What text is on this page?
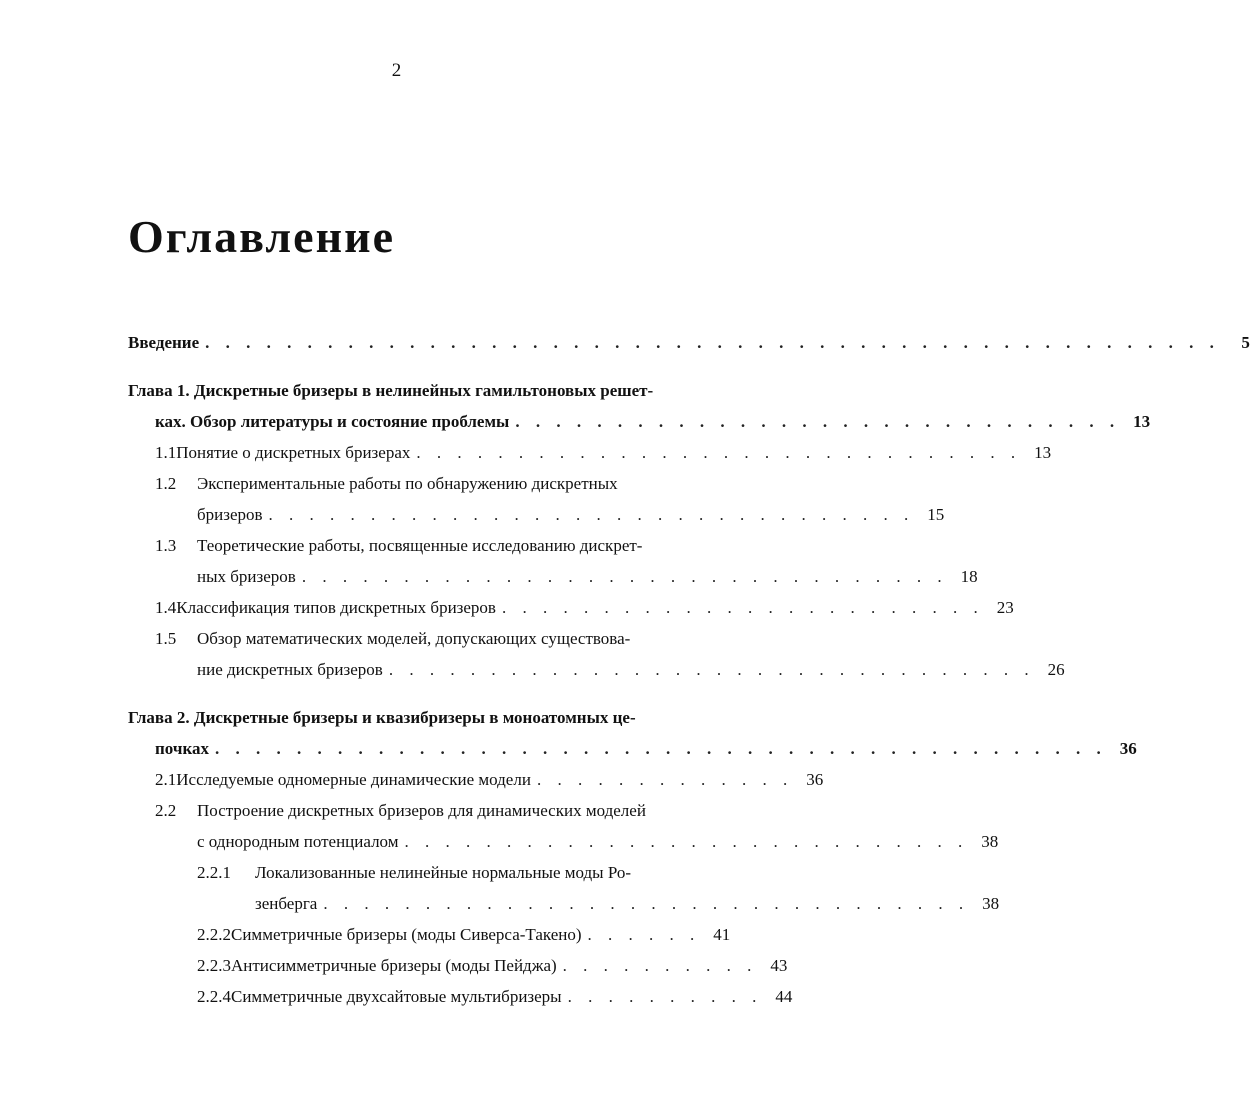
2
Оглавление
Введение . . . . . . . . . . . . . . . . . . . . . . . . . . . . . . . . . . . . . . . . . . . . . . . . . .	5
Глава 1. Дискретные бризеры в нелинейных гамильтоновых решет-
ках. Обзор литературы и состояние проблемы . . . . . . . . . . . . . . . . . . . . . . . . . . . . . . 13
1.1 Понятие о дискретных бризерах . . . . . . . . . . . . . . . . . . . . . . . . . . . . . . 13
1.2	Экспериментальные работы по обнаружению дискретных
бризеров . . . . . . . . . . . . . . . . . . . . . . . . . . . . . . . . 15
1.3	Теоретические работы, посвященные исследованию дискрет-
ных бризеров . . . . . . . . . . . . . . . . . . . . . . . . . . . . . . . . 18
1.4 Классификация типов дискретных бризеров . . . . . . . . . . . . . . . . . . . . . . . . 23
1.5	Обзор математических моделей, допускающих существова-
ние дискретных бризеров . . . . . . . . . . . . . . . . . . . . . . . . . . . . . . . . 26
Глава 2. Дискретные бризеры и квазибризеры в моноатомных це-
почках . . . . . . . . . . . . . . . . . . . . . . . . . . . . . . . . . . . . . . . . . . . . 36
2.1 Исследуемые одномерные динамические модели . . . . . . . . . . . . . 36
2.2	Построение дискретных бризеров для динамических моделей
с однородным потенциалом . . . . . . . . . . . . . . . . . . . . . . . . . . . . 38
2.2.1	Локализованные нелинейные нормальные моды Ро-
зенберга . . . . . . . . . . . . . . . . . . . . . . . . . . . . . . . . 38
2.2.2 Симметричные бризеры (моды Сиверса-Такено) . . . . . . 41
2.2.3 Антисимметричные бризеры (моды Пейджа) . . . . . . . . . . 43
2.2.4 Симметричные двухсайтовые мультибризеры . . . . . . . . . . 44
